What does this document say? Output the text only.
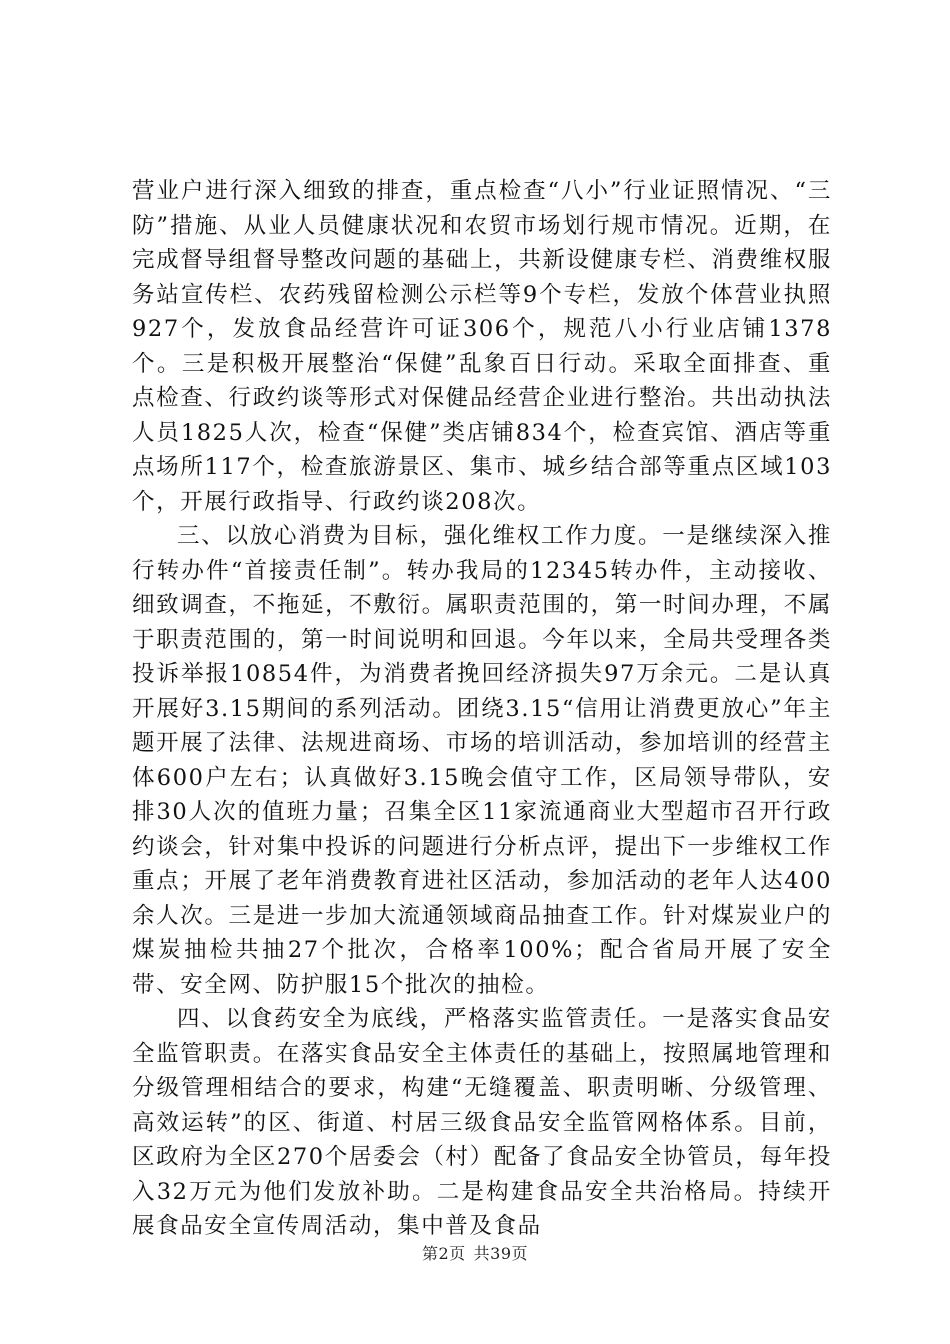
营业户进行深入细致的排查，重点检查“八小”行业证照情况、“三防”措施、从业人员健康状况和农贸市场划行规市情况。近期，在完成督导组督导整改问题的基础上，共新设健康专栏、消费维权服务站宣传栏、农药残留检测公示栏等9个专栏，发放个体营业执照927个，发放食品经营许可证306个，规范八小行业店铺1378个。三是积极开展整治“保健”乱象百日行动。采取全面排查、重点检查、行政约谈等形式对保健品经营企业进行整治。共出动执法人员1825人次，检查“保健”类店铺834个，检查宾馆、酒店等重点场所117个，检查旅游景区、集市、城乡结合部等重点区域103个，开展行政指导、行政约谈208次。

三、以放心消费为目标，强化维权工作力度。一是继续深入推行转办件“首接责任制”。转办我局的12345转办件，主动接收、细致调查，不拖延，不敷衍。属职责范围的，第一时间办理，不属于职责范围的，第一时间说明和回退。今年以来，全局共受理各类投诉举报10854件，为消费者挽回经济损失97万余元。二是认真开展好3.15期间的系列活动。团绕3.15“信用让消费更放心”年主题开展了法律、法规进商场、市场的培训活动，参加培训的经营主体600户左右；认真做好3.15晚会值守工作，区局领导带队，安排30人次的值班力量；召集全区11家流通商业大型超市召开行政约谈会，针对集中投诉的问题进行分析点评，提出下一步维权工作重点；开展了老年消费教育进社区活动，参加活动的老年人达400余人次。三是进一步加大流通领域商品抽查工作。针对煤炭业户的煤炭抽检共抽27个批次，合格率100%；配合省局开展了安全带、安全网、防护服15个批次的抽检。

四、以食药安全为底线，严格落实监管责任。一是落实食品安全监管职责。在落实食品安全主体责任的基础上，按照属地管理和分级管理相结合的要求，构建“无缝覆盖、职责明晰、分级管理、高效运转”的区、街道、村居三级食品安全监管网格体系。目前，区政府为全区270个居委会（村）配备了食品安全协管员，每年投入32万元为他们发放补助。二是构建食品安全共治格局。持续开展食品安全宣传周活动，集中普及食品

第2页 共39页
